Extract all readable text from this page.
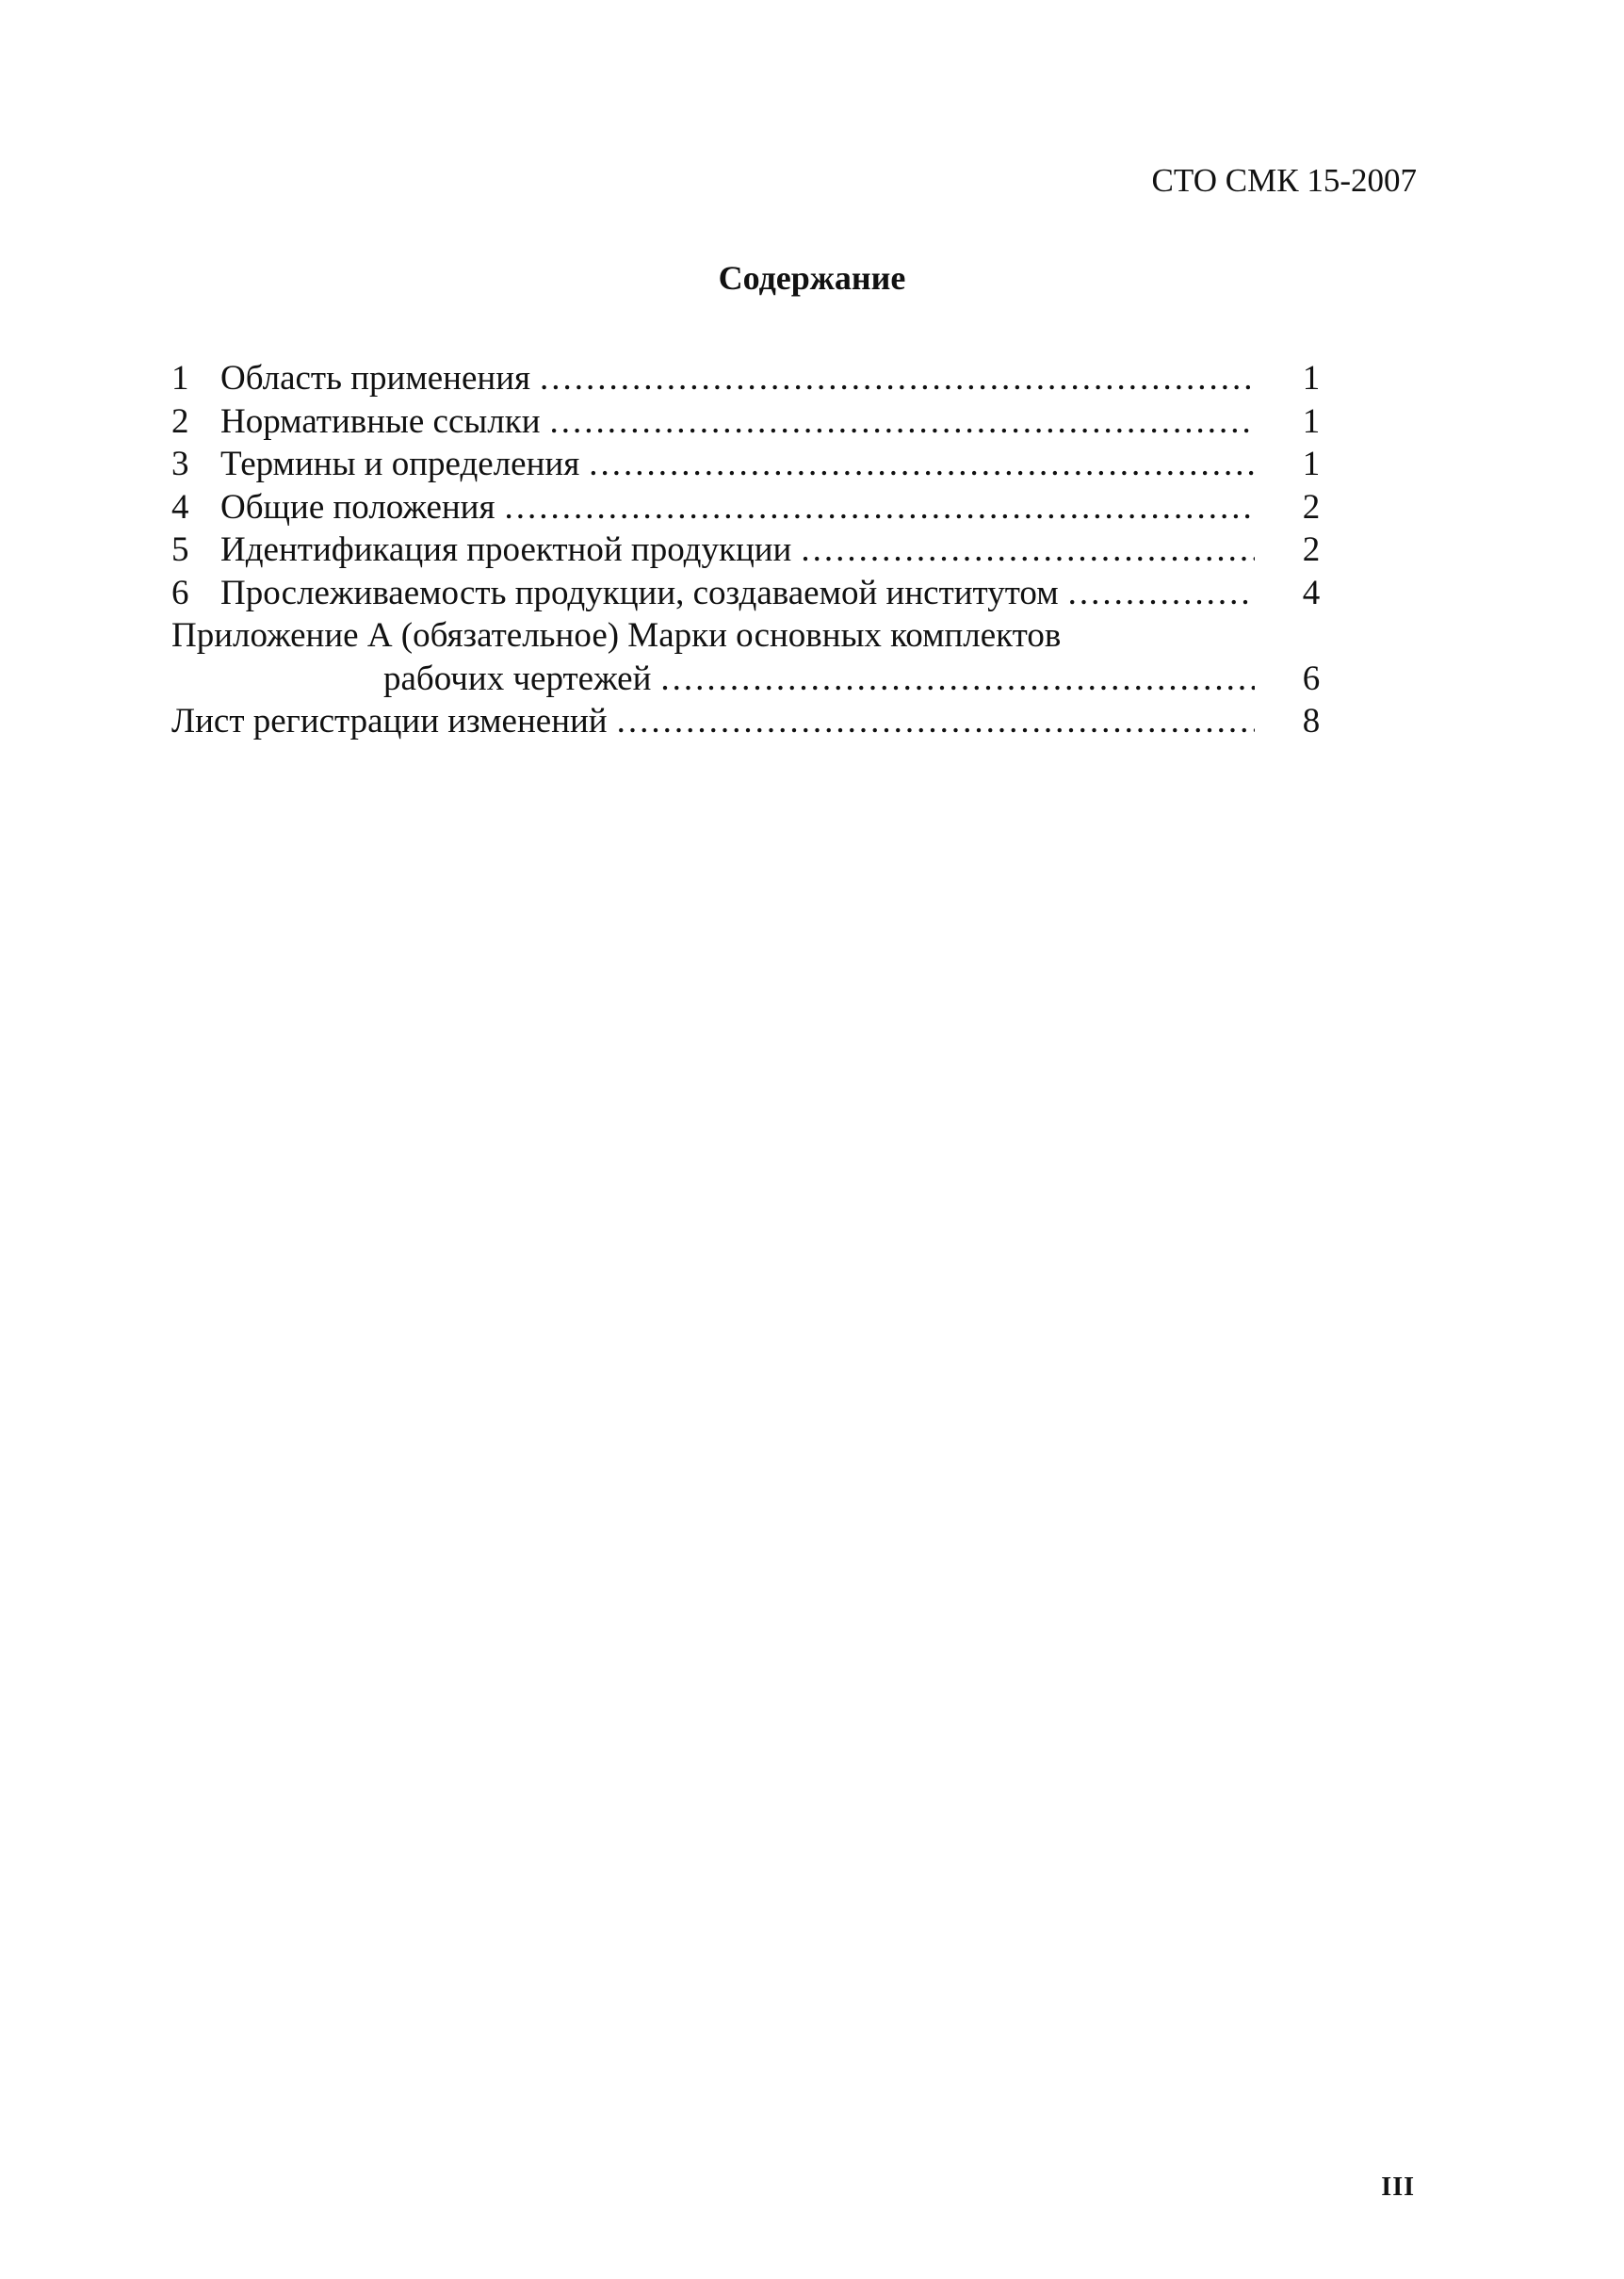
СТО СМК 15-2007
Содержание
1 Область применения .....	1
2 Нормативные ссылки .....	1
3 Термины и определения .....	1
4 Общие положения .....	2
5 Идентификация проектной продукции .....	2
6 Прослеживаемость продукции, создаваемой институтом .....	4
Приложение А (обязательное) Марки основных комплектов
рабочих чертежей .....	6
Лист регистрации изменений .....	8
III
